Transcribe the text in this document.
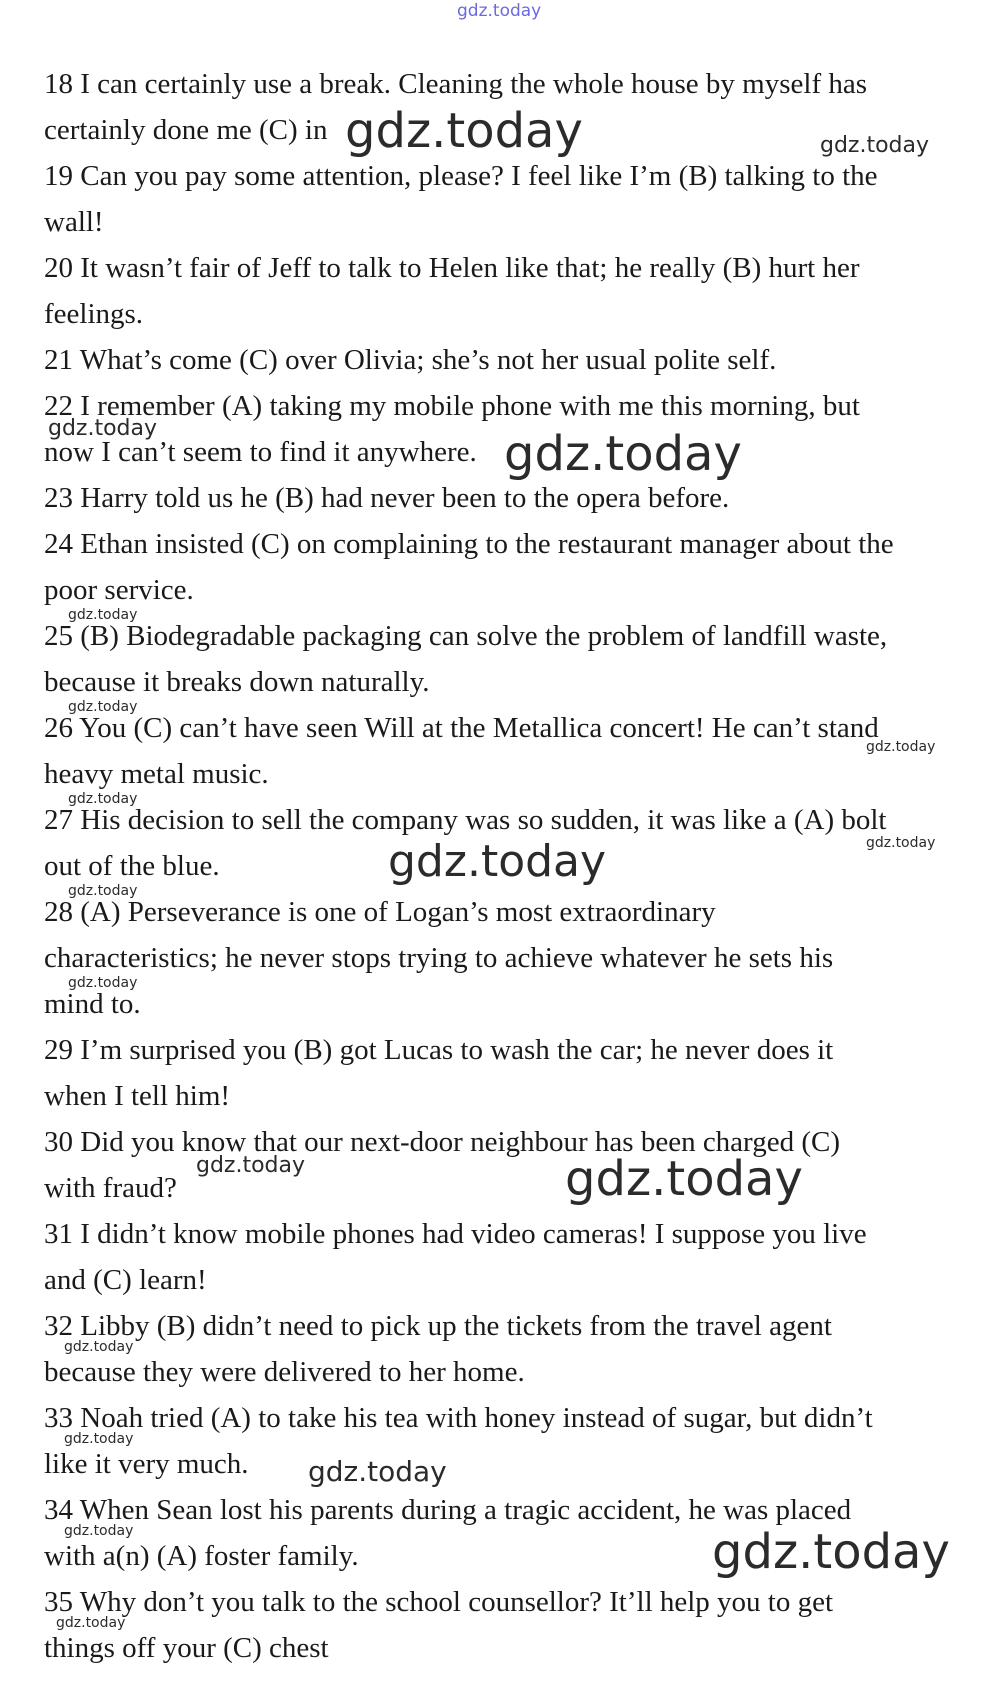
gdz.today
18 I can certainly use a break. Cleaning the whole house by myself has
certainly done me (C) in
19 Can you pay some attention, please? I feel like I’m (B) talking to the
wall!
20 It wasn’t fair of Jeff to talk to Helen like that; he really (B) hurt her
feelings.
21 What’s come (C) over Olivia; she’s not her usual polite self.
22 I remember (A) taking my mobile phone with me this morning, but
now I can’t seem to find it anywhere.
23 Harry told us he (B) had never been to the opera before.
24 Ethan insisted (C) on complaining to the restaurant manager about the
poor service.
25 (B) Biodegradable packaging can solve the problem of landfill waste,
because it breaks down naturally.
26 You (C) can’t have seen Will at the Metallica concert! He can’t stand
heavy metal music.
27 His decision to sell the company was so sudden, it was like a (A) bolt
out of the blue.
28 (A) Perseverance is one of Logan’s most extraordinary
characteristics; he never stops trying to achieve whatever he sets his
mind to.
29 I’m surprised you (B) got Lucas to wash the car; he never does it
when I tell him!
30 Did you know that our next-door neighbour has been charged (C)
with fraud?
31 I didn’t know mobile phones had video cameras! I suppose you live
and (C) learn!
32 Libby (B) didn’t need to pick up the tickets from the travel agent
because they were delivered to her home.
33 Noah tried (A) to take his tea with honey instead of sugar, but didn’t
like it very much.
34 When Sean lost his parents during a tragic accident, he was placed
with a(n) (A) foster family.
35 Why don’t you talk to the school counsellor? It’ll help you to get
things off your (C) chest
gdz.today	gdz.today
gdz.today	gdz.today
gdz.today
gdz.today
gdz.today
gdz.today
gdz.today
gdz.today
gdz.today
gdz.today
gdz.today	gdz.today
gdz.today
gdz.today
gdz.today
gdz.today	gdz.today
gdz.today
